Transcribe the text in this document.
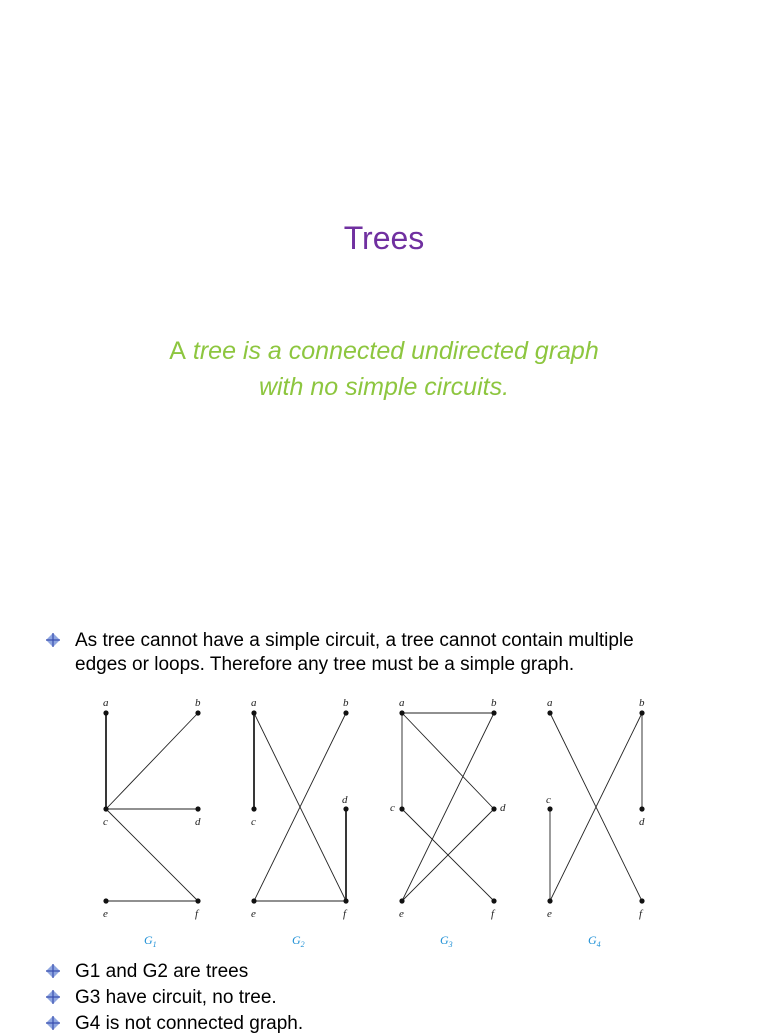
Trees
A tree is a connected undirected graph
with no simple circuits.
As tree cannot have a simple circuit, a tree cannot contain multiple
edges or loops. Therefore any tree must be a simple graph.
a	b
c	d
e	f
$G_1$
a	b
c
d
e	f
$G_2$
a	b
c	d
e	f
$G_3$
a	b
c
d
e	f
$G_4$
G1 and G2 are trees
G3 have circuit, no tree.
G4 is not connected graph.
